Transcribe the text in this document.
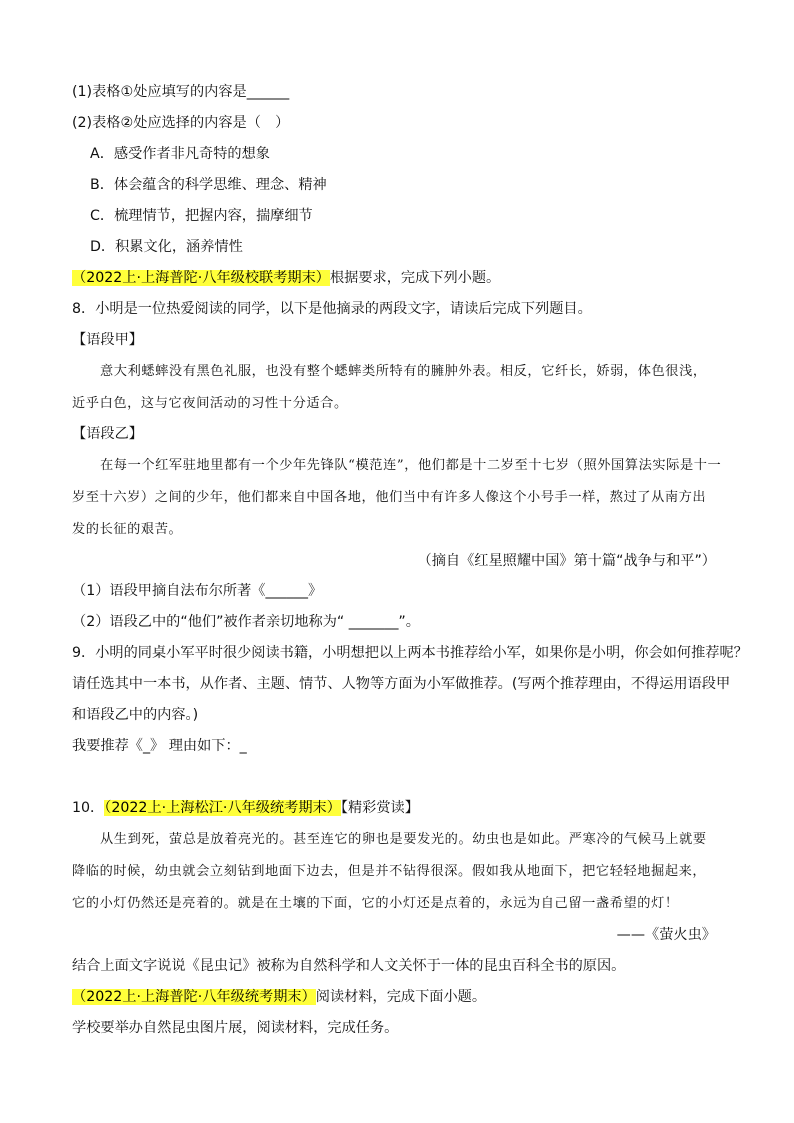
(1)表格①处应填写的内容是______
(2)表格②处应选择的内容是（　）
A．感受作者非凡奇特的想象
B．体会蕴含的科学思维、理念、精神
C．梳理情节，把握内容，揣摩细节
D．积累文化，涵养情性
（2022上·上海普陀·八年级校联考期末）根据要求，完成下列小题。
8．小明是一位热爱阅读的同学，以下是他摘录的两段文字，请读后完成下列题目。
【语段甲】
意大利蟋蟀没有黑色礼服，也没有整个蟋蟀类所特有的臃肿外表。相反，它纤长，娇弱，体色很浅，
近乎白色，这与它夜间活动的习性十分适合。
【语段乙】
在每一个红军驻地里都有一个少年先锋队“模范连”，他们都是十二岁至十七岁（照外国算法实际是十一
岁至十六岁）之间的少年，他们都来自中国各地，他们当中有许多人像这个小号手一样，熬过了从南方出
发的长征的艰苦。
（摘自《红星照耀中国》第十篇“战争与和平”）
（1）语段甲摘自法布尔所著《______》
（2）语段乙中的“他们”被作者亲切地称为“ _______”。
9．小明的同桌小军平时很少阅读书籍，小明想把以上两本书推荐给小军，如果你是小明，你会如何推荐呢？
请任选其中一本书，从作者、主题、情节、人物等方面为小军做推荐。(写两个推荐理由，不得运用语段甲
和语段乙中的内容。)
我要推荐《_》 理由如下：_
10．（2022上·上海松江·八年级统考期末）【精彩赏读】
从生到死，萤总是放着亮光的。甚至连它的卵也是要发光的。幼虫也是如此。严寒冷的气候马上就要
降临的时候，幼虫就会立刻钻到地面下边去，但是并不钻得很深。假如我从地面下，把它轻轻地掘起来，
它的小灯仍然还是亮着的。就是在土壤的下面，它的小灯还是点着的，永远为自己留一盏希望的灯！
——《萤火虫》
结合上面文字说说《昆虫记》被称为自然科学和人文关怀于一体的昆虫百科全书的原因。
（2022上·上海普陀·八年级统考期末）阅读材料，完成下面小题。
学校要举办自然昆虫图片展，阅读材料，完成任务。
